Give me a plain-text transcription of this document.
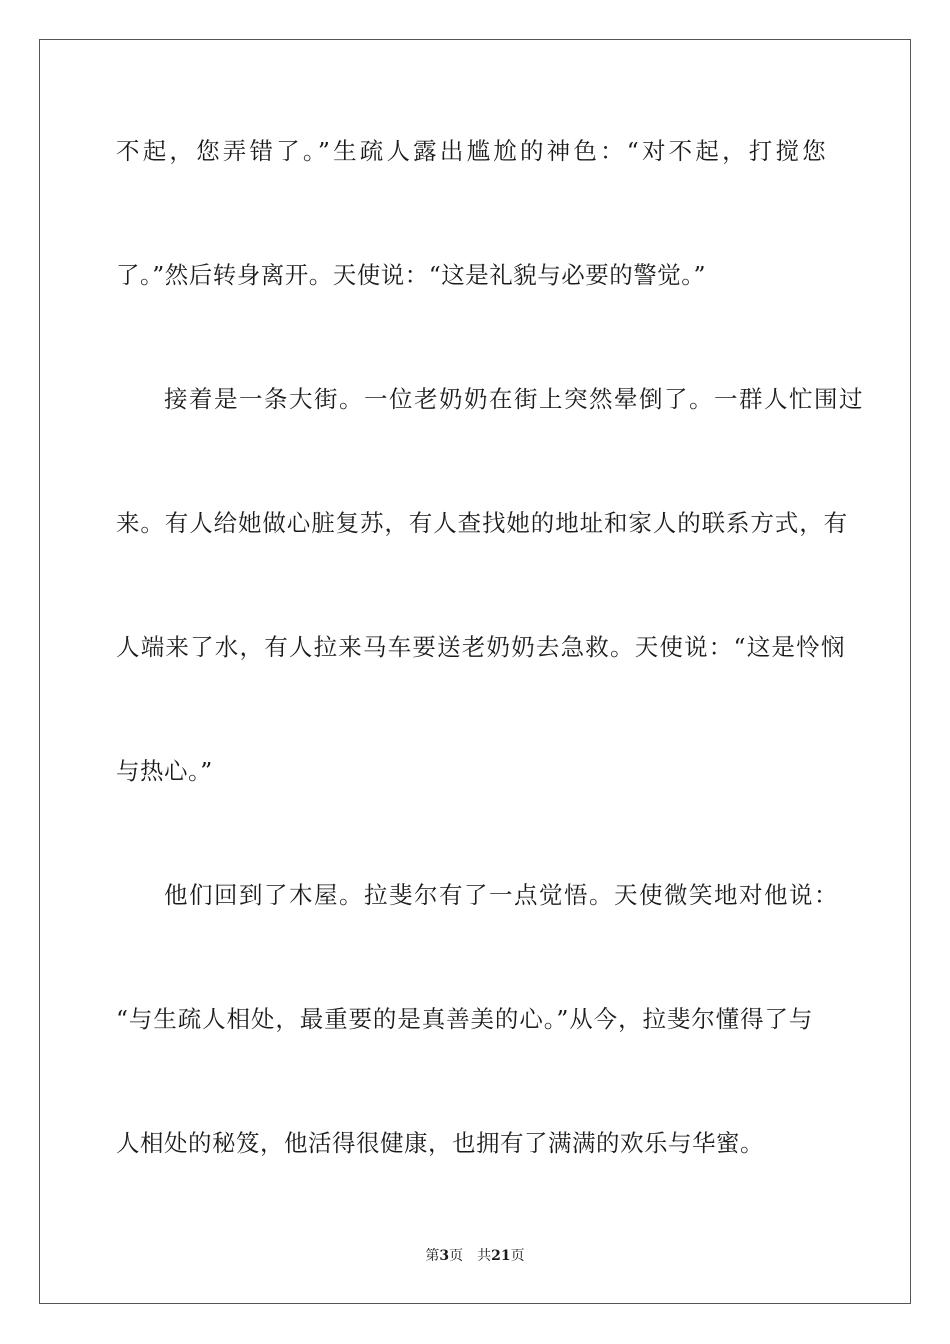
不起，您弄错了。”生疏人露出尴尬的神色：“对不起，打搅您
了。”然后转身离开。天使说：“这是礼貌与必要的警觉。”
接着是一条大街。一位老奶奶在街上突然晕倒了。一群人忙围过
来。有人给她做心脏复苏，有人查找她的地址和家人的联系方式，有
人端来了水，有人拉来马车要送老奶奶去急救。天使说：“这是怜悯
与热心。”
他们回到了木屋。拉斐尔有了一点觉悟。天使微笑地对他说：
“与生疏人相处，最重要的是真善美的心。”从今，拉斐尔懂得了与
人相处的秘笈，他活得很健康，也拥有了满满的欢乐与华蜜。
第3页 共21页
